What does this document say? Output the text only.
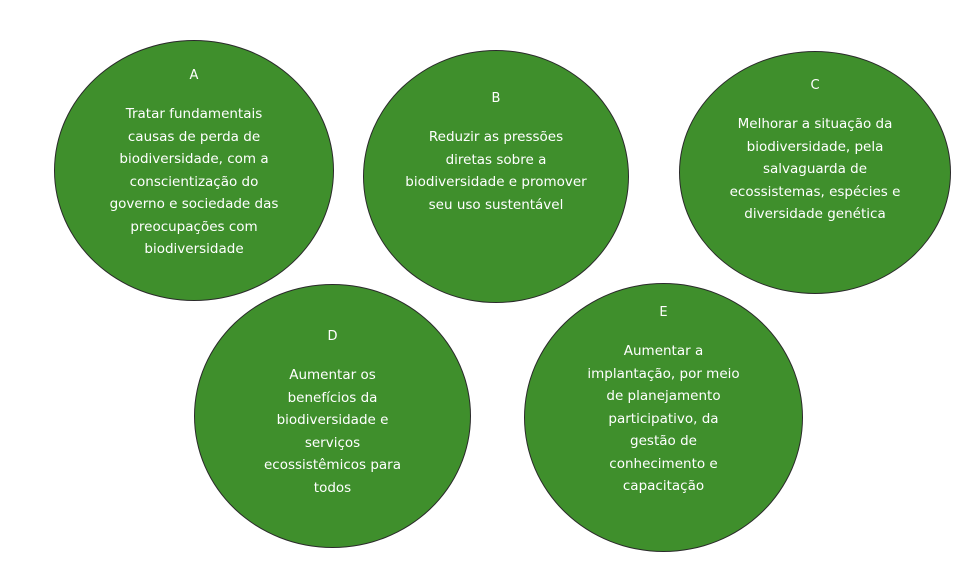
A
Tratar fundamentais causas de perda de biodiversidade, com a conscientização do governo e sociedade das preocupações com biodiversidade
B
Reduzir as pressões diretas sobre a biodiversidade e promover seu uso sustentável
C
Melhorar a situação da biodiversidade, pela salvaguarda de ecossistemas, espécies e diversidade genética
D
Aumentar os benefícios da biodiversidade e serviços ecossistêmicos para todos
E
Aumentar a implantação, por meio de planejamento participativo, da gestão de conhecimento e capacitação
